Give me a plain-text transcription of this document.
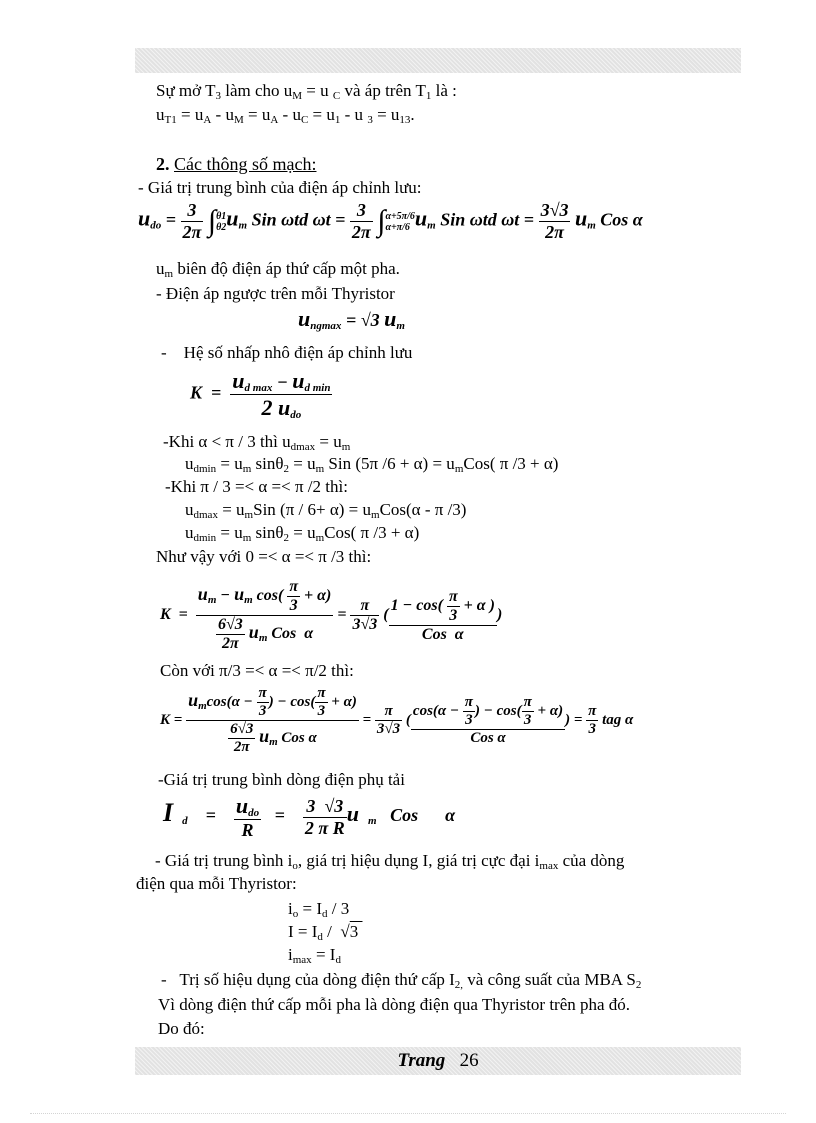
Sự mở $T_3$ làm cho $u_M = u$ $_C$ và áp trên $T_1$ là :
$u_{T1} = u_A - u_M = u_A - u_C = u_1 - u$ $_3 = u_{13}$.
2. Các thông số mạch:
- Giá trị trung bình của điện áp chỉnh lưu:
$u_{do} = \frac{3}{2\pi}$ ∫ θ1
θ2 $u_m$ Sin ωtd $\omega t = \frac{3}{2\pi}$ ∫ α+5π/6
α+π/6 $u_m$ Sin ωtd $\omega t = \frac{3√3}{2\pi} u_m$ Cos α
$u_m$ biên độ điện áp thứ cấp một pha.
- Điện áp ngược trên mỗi Thyristor
$u_{ngmax} = √3$ $u_m$
- Hệ số nhấp nhô điện áp chỉnh lưu
$K = \frac{u_{d max} - u_{d min}}{2 u_{do}}$
-Khi α < π / 3 thì $u_{dmax} = u_m$
$u_{dmin} = u_m$ $\sin\theta_2 = u_m$ Sin (5π $/6 + \alpha) = u_mCos$( π /3 + α)
-Khi π / 3 =< α =< π /2 thì:
$u_{dmax} = u_mSin$ $(\pi / 6+ \alpha) = u_mCos(\alpha - \pi$ /3)
$u_{dmin} = u_m$ $\sin\theta_2 = u_mCos$( π /3 + α)
Như vậy với 0 =< α =< π /3 thì:
$K = \frac{u_m - u_m \cos( \frac{\pi}{3} + \alpha)}{\frac{6√3}{2\pi} u_m Cos \alpha} = \frac{\pi}{3√3}$ ( $\frac{1 - \cos( \frac{\pi}{3} + \alpha )}{\text{Cos  α}}$ )
Còn với π/3 =< α =< π/2 thì:
$K = \frac{u_m\cos(\alpha - \frac{\pi}{3} ) - \cos( \frac{\pi}{3} + \alpha)}{\frac{6√3}{2\pi} u_m Cos \alpha} = \frac{\pi}{3√3}$ ( $\frac{\cos(\alpha - \frac{\pi}{3} ) - \cos( \frac{\pi}{3} + \alpha)}{\text{Cos α}}$ ) = $\frac{\pi}{3}$ tag α
-Giá trị trung bình dòng điện phụ tải
I $_d$    = $\frac{u_{do}}{R} = \frac{3 √3}{\text{2 π R}}$ u $_m$   Cos      α
- Giá trị trung bình $i_o$, giá trị hiệu dụng I, giá trị cực đại $i_{max}$ của dòng
điện qua mỗi Thyristor:
$i_o = I_d / 3$
$I = I_d / √3$
$i_{max} = I_d$
- Trị số hiệu dụng của dòng điện thứ cấp $I_{2,}$ và công suất của MBA $S_2$
Vì dòng điện thứ cấp mỗi pha là dòng điện qua Thyristor trên pha đó.
Do đó:
Trang 26
